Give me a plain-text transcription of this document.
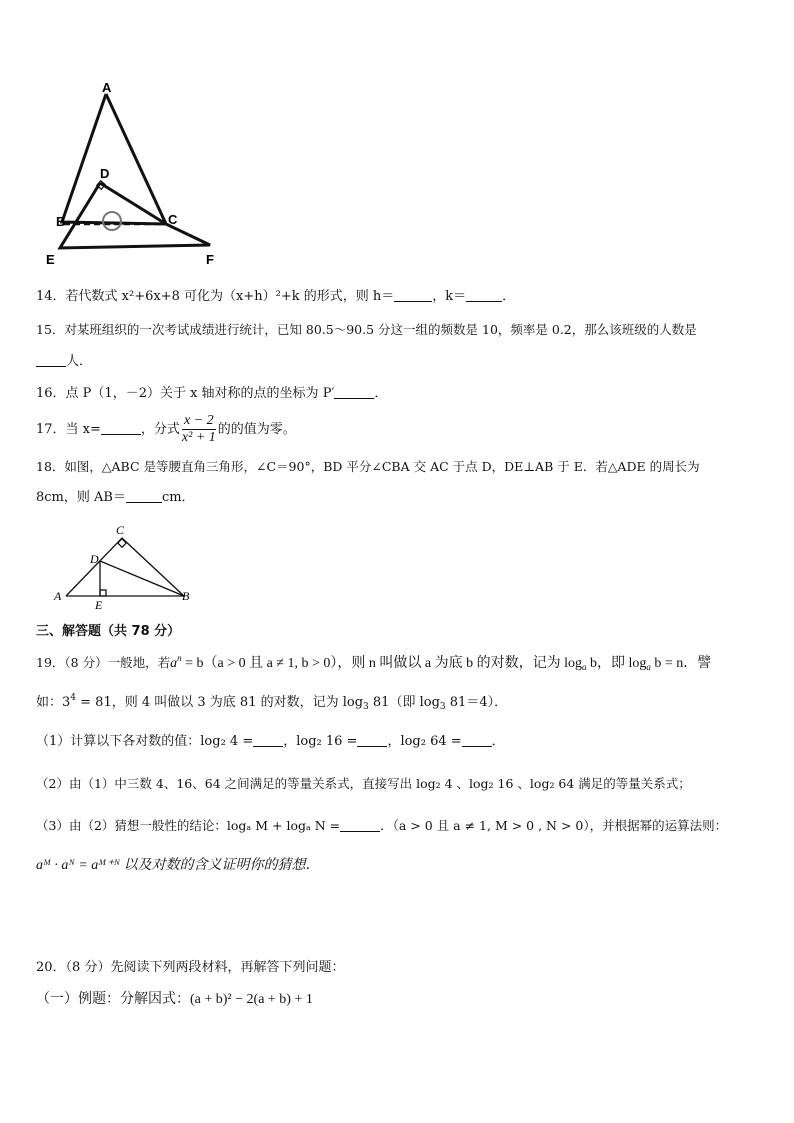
A
B	C
D
E	F
14．若代数式 x²+6x+8 可化为（x+h）²+k 的形式，则 h＝	，k＝	．
15．对某班组织的一次考试成绩进行统计，已知 80.5～90.5 分这一组的频数是 10，频率是 0.2，那么该班级的人数是
人．
16．点 P（1，－2）关于 x 轴对称的点的坐标为 P′	．
17．当 x=	，分式 $\frac{x - 2}{\text{x² + 1}}$ 的的值为零。
18．如图，△ABC 是等腰直角三角形，∠C＝90°，BD 平分∠CBA 交 AC 于点 D，DE⊥AB 于 E．若△ADE 的周长为
8cm，则 AB＝	cm．
C
D
A
E
B
三、解答题（共 78 分）
19．（8 分）一般地，若$a^n = b(a > 0$ 且 a ≠ 1, b > 0），则 n 叫做以 a 为底 b 的对数，记为 $\log_a b$，即 $\log_a b = n$．譬
如：$3^4 = 81$，则 4 叫做以 3 为底 81 的对数，记为 $\log_3 81$（即 $\log_3 81=4$）．
（1）计算以下各对数的值：log₂ 4 = ，log₂ 16 = ，log₂ 64 = ．
（2）由（1）中三数 4、16、64 之间满足的等量关系式，直接写出 log₂ 4 、log₂ 16 、log₂ 64 满足的等量关系式；
（3）由（2）猜想一般性的结论：logₐ M + logₐ N =	．（a > 0 且 a ≠ 1, M > 0 , N > 0），并根据幂的运算法则：
aᴹ · aᴺ = aᴹ⁺ᴺ 以及对数的含义证明你的猜想．
20．（8 分）先阅读下列两段材料，再解答下列问题：
（一）例题：分解因式：(a + b)² − 2(a + b) + 1
